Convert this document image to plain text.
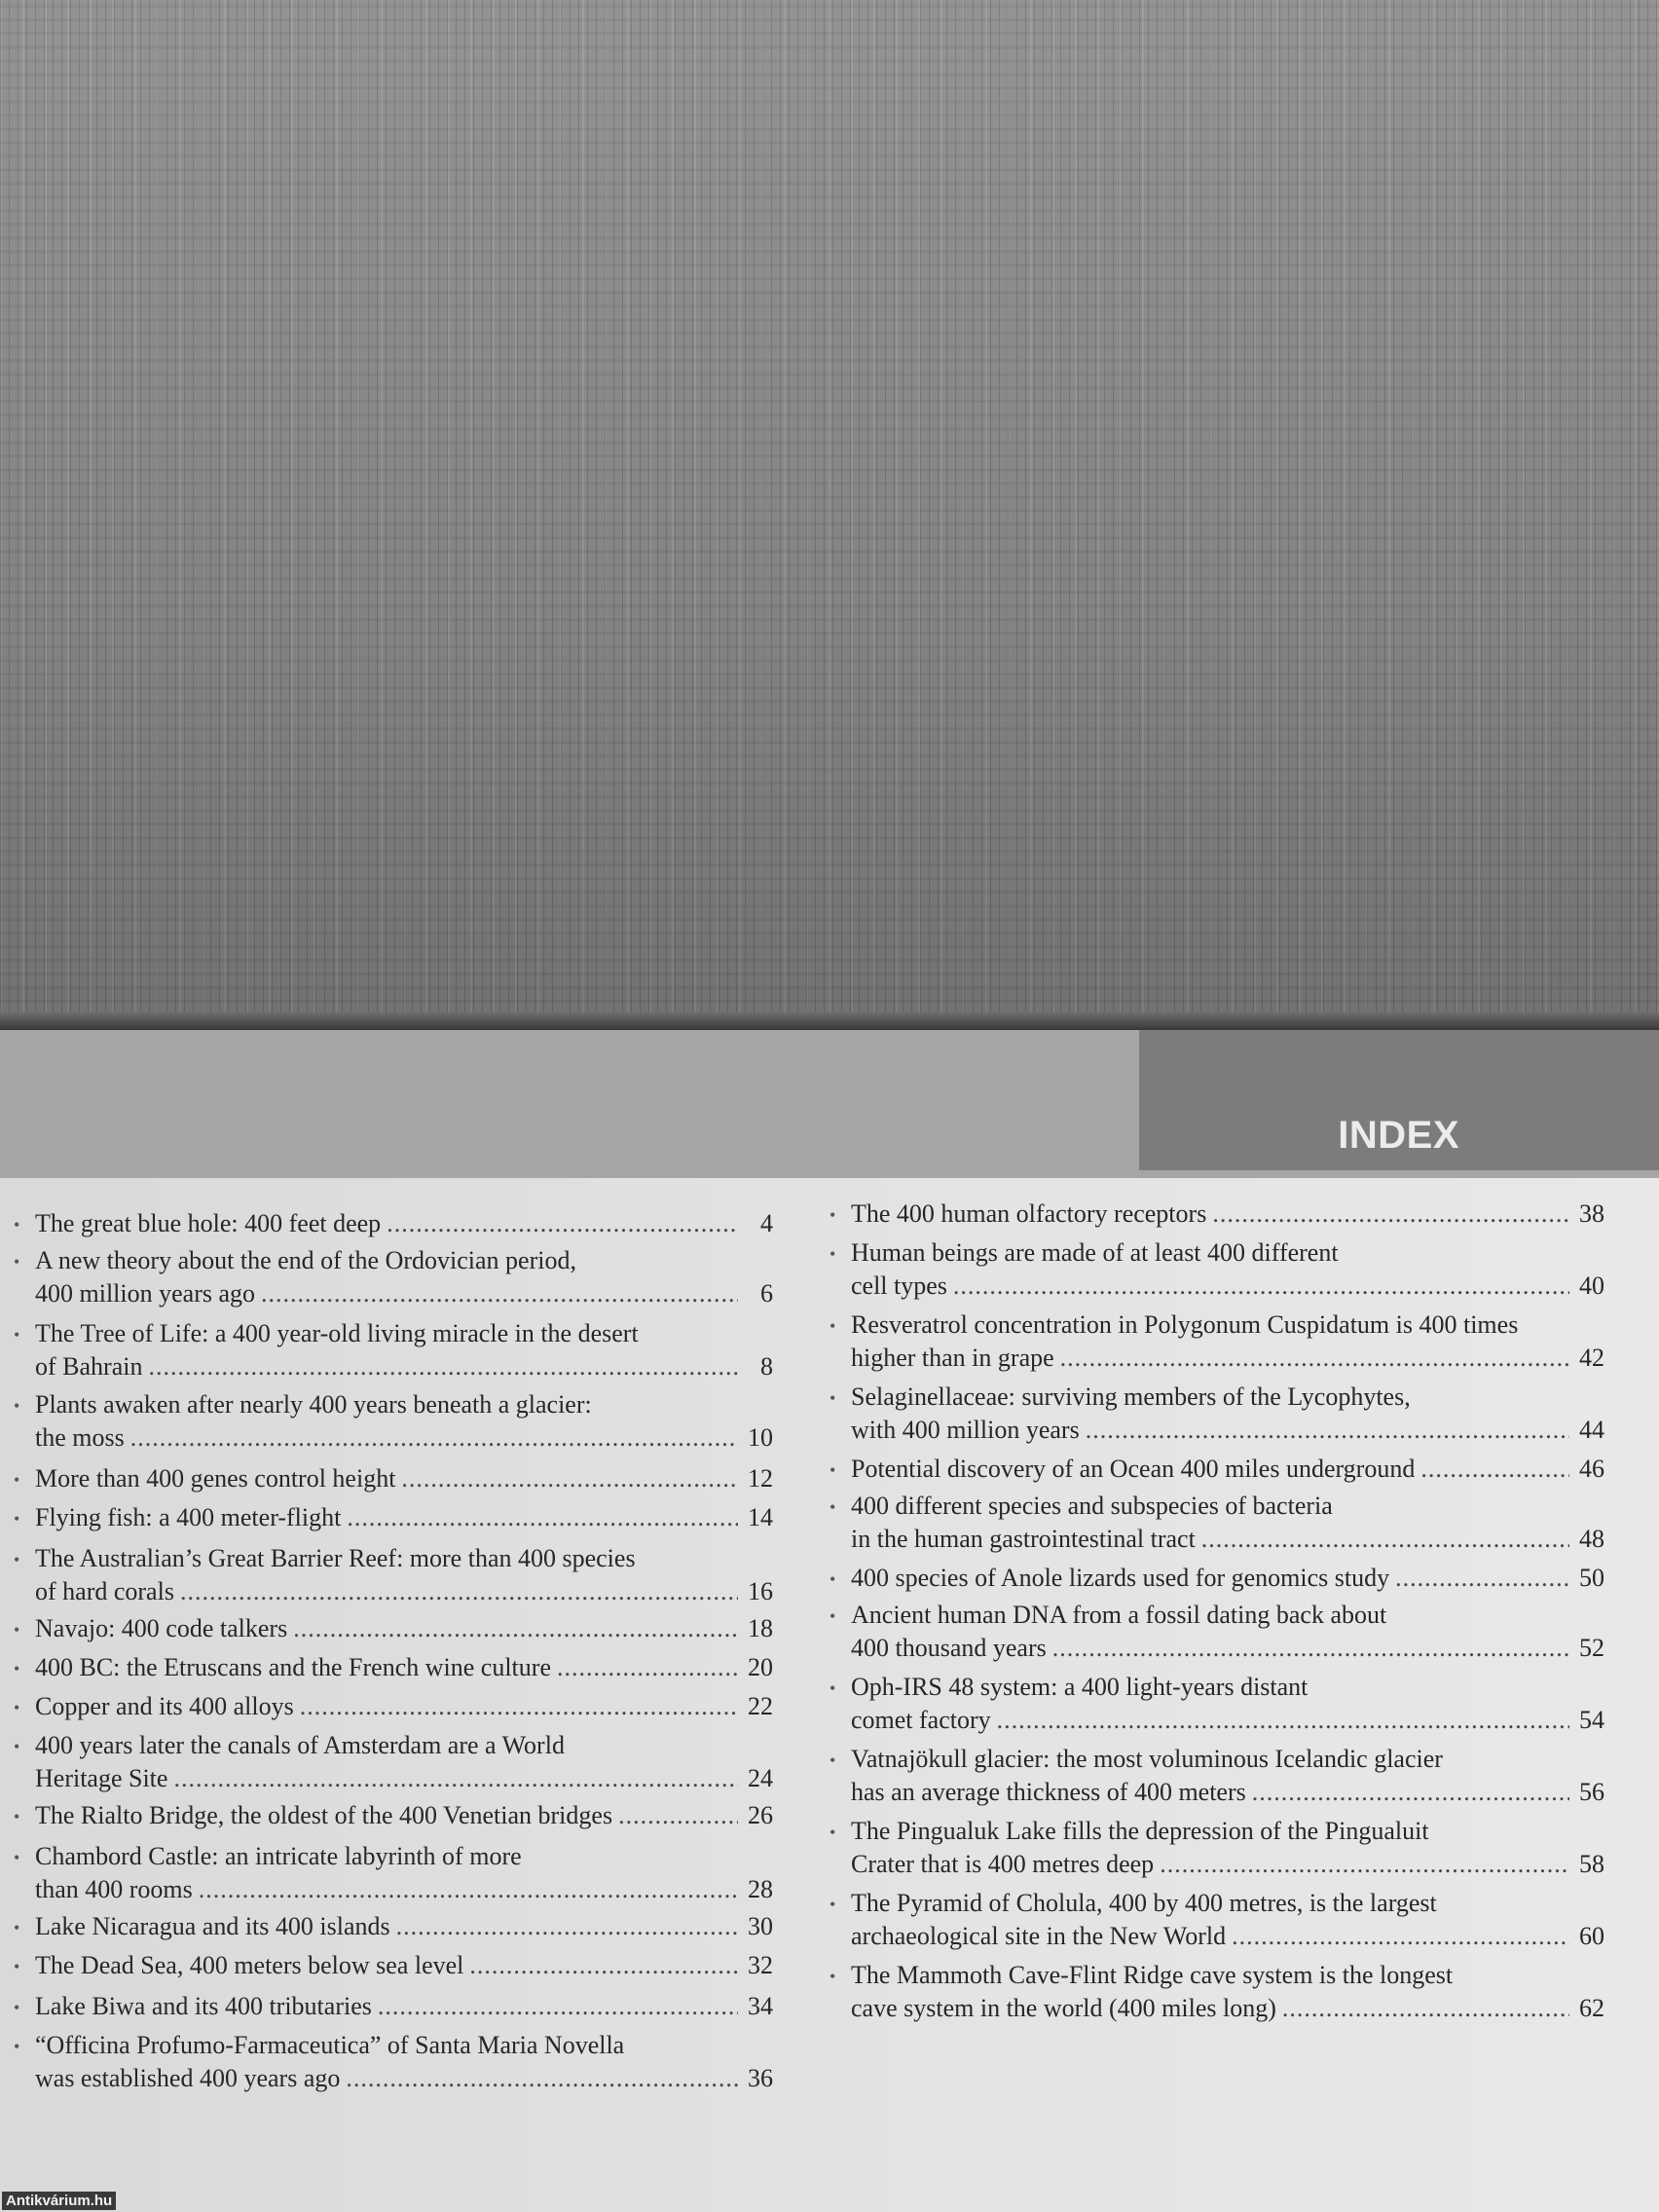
INDEX
• The great blue hole: 400 feet deep .....	4
• A new theory about the end of the Ordovician period,
400 million years ago .....	6
• The Tree of Life: a 400 year-old living miracle in the desert
of Bahrain .....	8
• Plants awaken after nearly 400 years beneath a glacier:
the moss .....	10
• More than 400 genes control height .....	12
• Flying fish: a 400 meter-flight .....	14
• The Australian’s Great Barrier Reef: more than 400 species
of hard corals .....	16
• Navajo: 400 code talkers .....	18
• 400 BC: the Etruscans and the French wine culture .....	20
• Copper and its 400 alloys .....	22
• 400 years later the canals of Amsterdam are a World
Heritage Site .....	24
• The Rialto Bridge, the oldest of the 400 Venetian bridges .....	26
• Chambord Castle: an intricate labyrinth of more
than 400 rooms .....	28
• Lake Nicaragua and its 400 islands .....	30
• The Dead Sea, 400 meters below sea level .....	32
• Lake Biwa and its 400 tributaries .....	34
• “Officina Profumo-Farmaceutica” of Santa Maria Novella
was established 400 years ago .....	36
• The 400 human olfactory receptors .....	38
• Human beings are made of at least 400 different
cell types .....	40
• Resveratrol concentration in Polygonum Cuspidatum is 400 times
higher than in grape .....	42
• Selaginellaceae: surviving members of the Lycophytes,
with 400 million years .....	44
• Potential discovery of an Ocean 400 miles underground .....	46
• 400 different species and subspecies of bacteria
in the human gastrointestinal tract .....	48
• 400 species of Anole lizards used for genomics study .....	50
• Ancient human DNA from a fossil dating back about
400 thousand years .....	52
• Oph-IRS 48 system: a 400 light-years distant
comet factory .....	54
• Vatnajökull glacier: the most voluminous Icelandic glacier
has an average thickness of 400 meters .....	56
• The Pingualuk Lake fills the depression of the Pingualuit
Crater that is 400 metres deep .....	58
• The Pyramid of Cholula, 400 by 400 metres, is the largest
archaeological site in the New World .....	60
• The Mammoth Cave-Flint Ridge cave system is the longest
cave system in the world (400 miles long) .....	62
Antikvárium.hu
